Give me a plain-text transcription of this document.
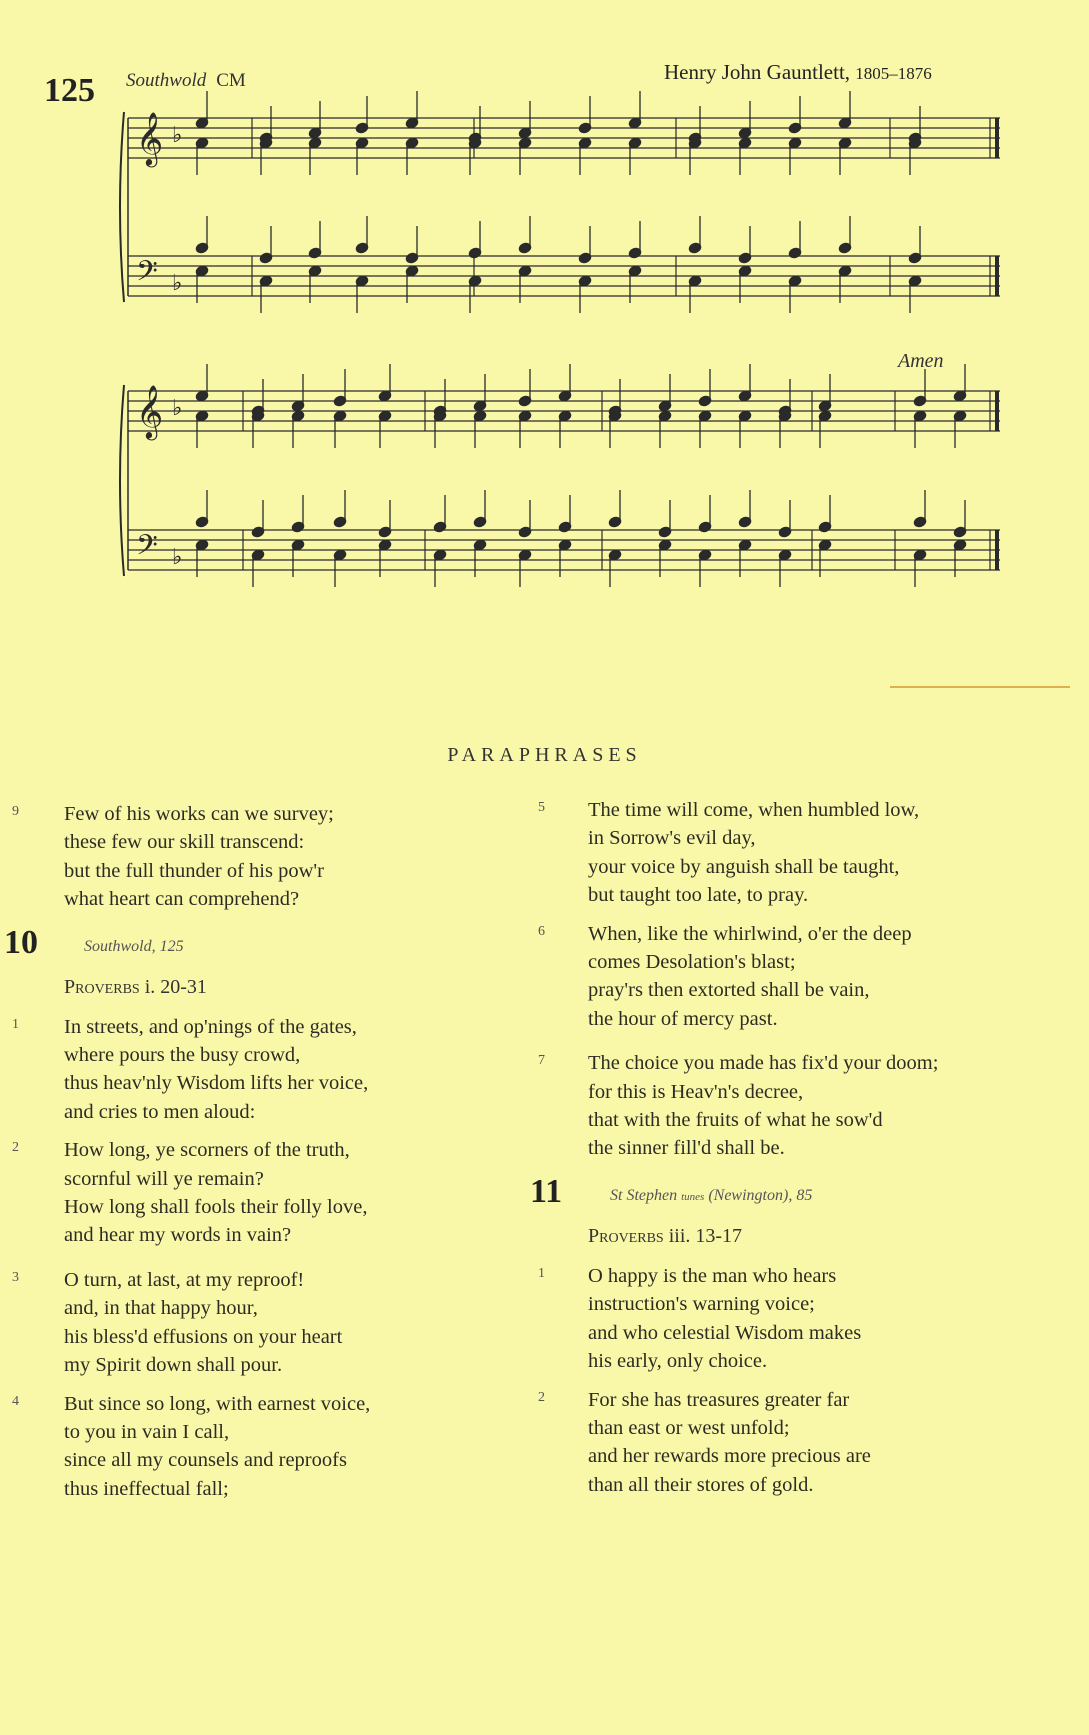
125 Southwold CM	Henry John Gauntlett, 1805–1876
Amen
𝄞
𝄢
♭
♭
𝄞
𝄢
♭
♭
PARAPHRASES
9 Few of his works can we survey;
these few our skill transcend:
but the full thunder of his pow'r
what heart can comprehend?
10	Southwold, 125
Proverbs i. 20-31
1 In streets, and op'nings of the gates,
where pours the busy crowd,
thus heav'nly Wisdom lifts her voice,
and cries to men aloud:
2 How long, ye scorners of the truth,
scornful will ye remain?
How long shall fools their folly love,
and hear my words in vain?
3 O turn, at last, at my reproof!
and, in that happy hour,
his bless'd effusions on your heart
my Spirit down shall pour.
4 But since so long, with earnest voice,
to you in vain I call,
since all my counsels and reproofs
thus ineffectual fall;
5 The time will come, when humbled low,
in Sorrow's evil day,
your voice by anguish shall be taught,
but taught too late, to pray.
6 When, like the whirlwind, o'er the deep
comes Desolation's blast;
pray'rs then extorted shall be vain,
the hour of mercy past.
7 The choice you made has fix'd your doom;
for this is Heav'n's decree,
that with the fruits of what he sow'd
the sinner fill'd shall be.
11	St Stephen tunes (Newington), 85
Proverbs iii. 13-17
1 O happy is the man who hears
instruction's warning voice;
and who celestial Wisdom makes
his early, only choice.
2 For she has treasures greater far
than east or west unfold;
and her rewards more precious are
than all their stores of gold.
